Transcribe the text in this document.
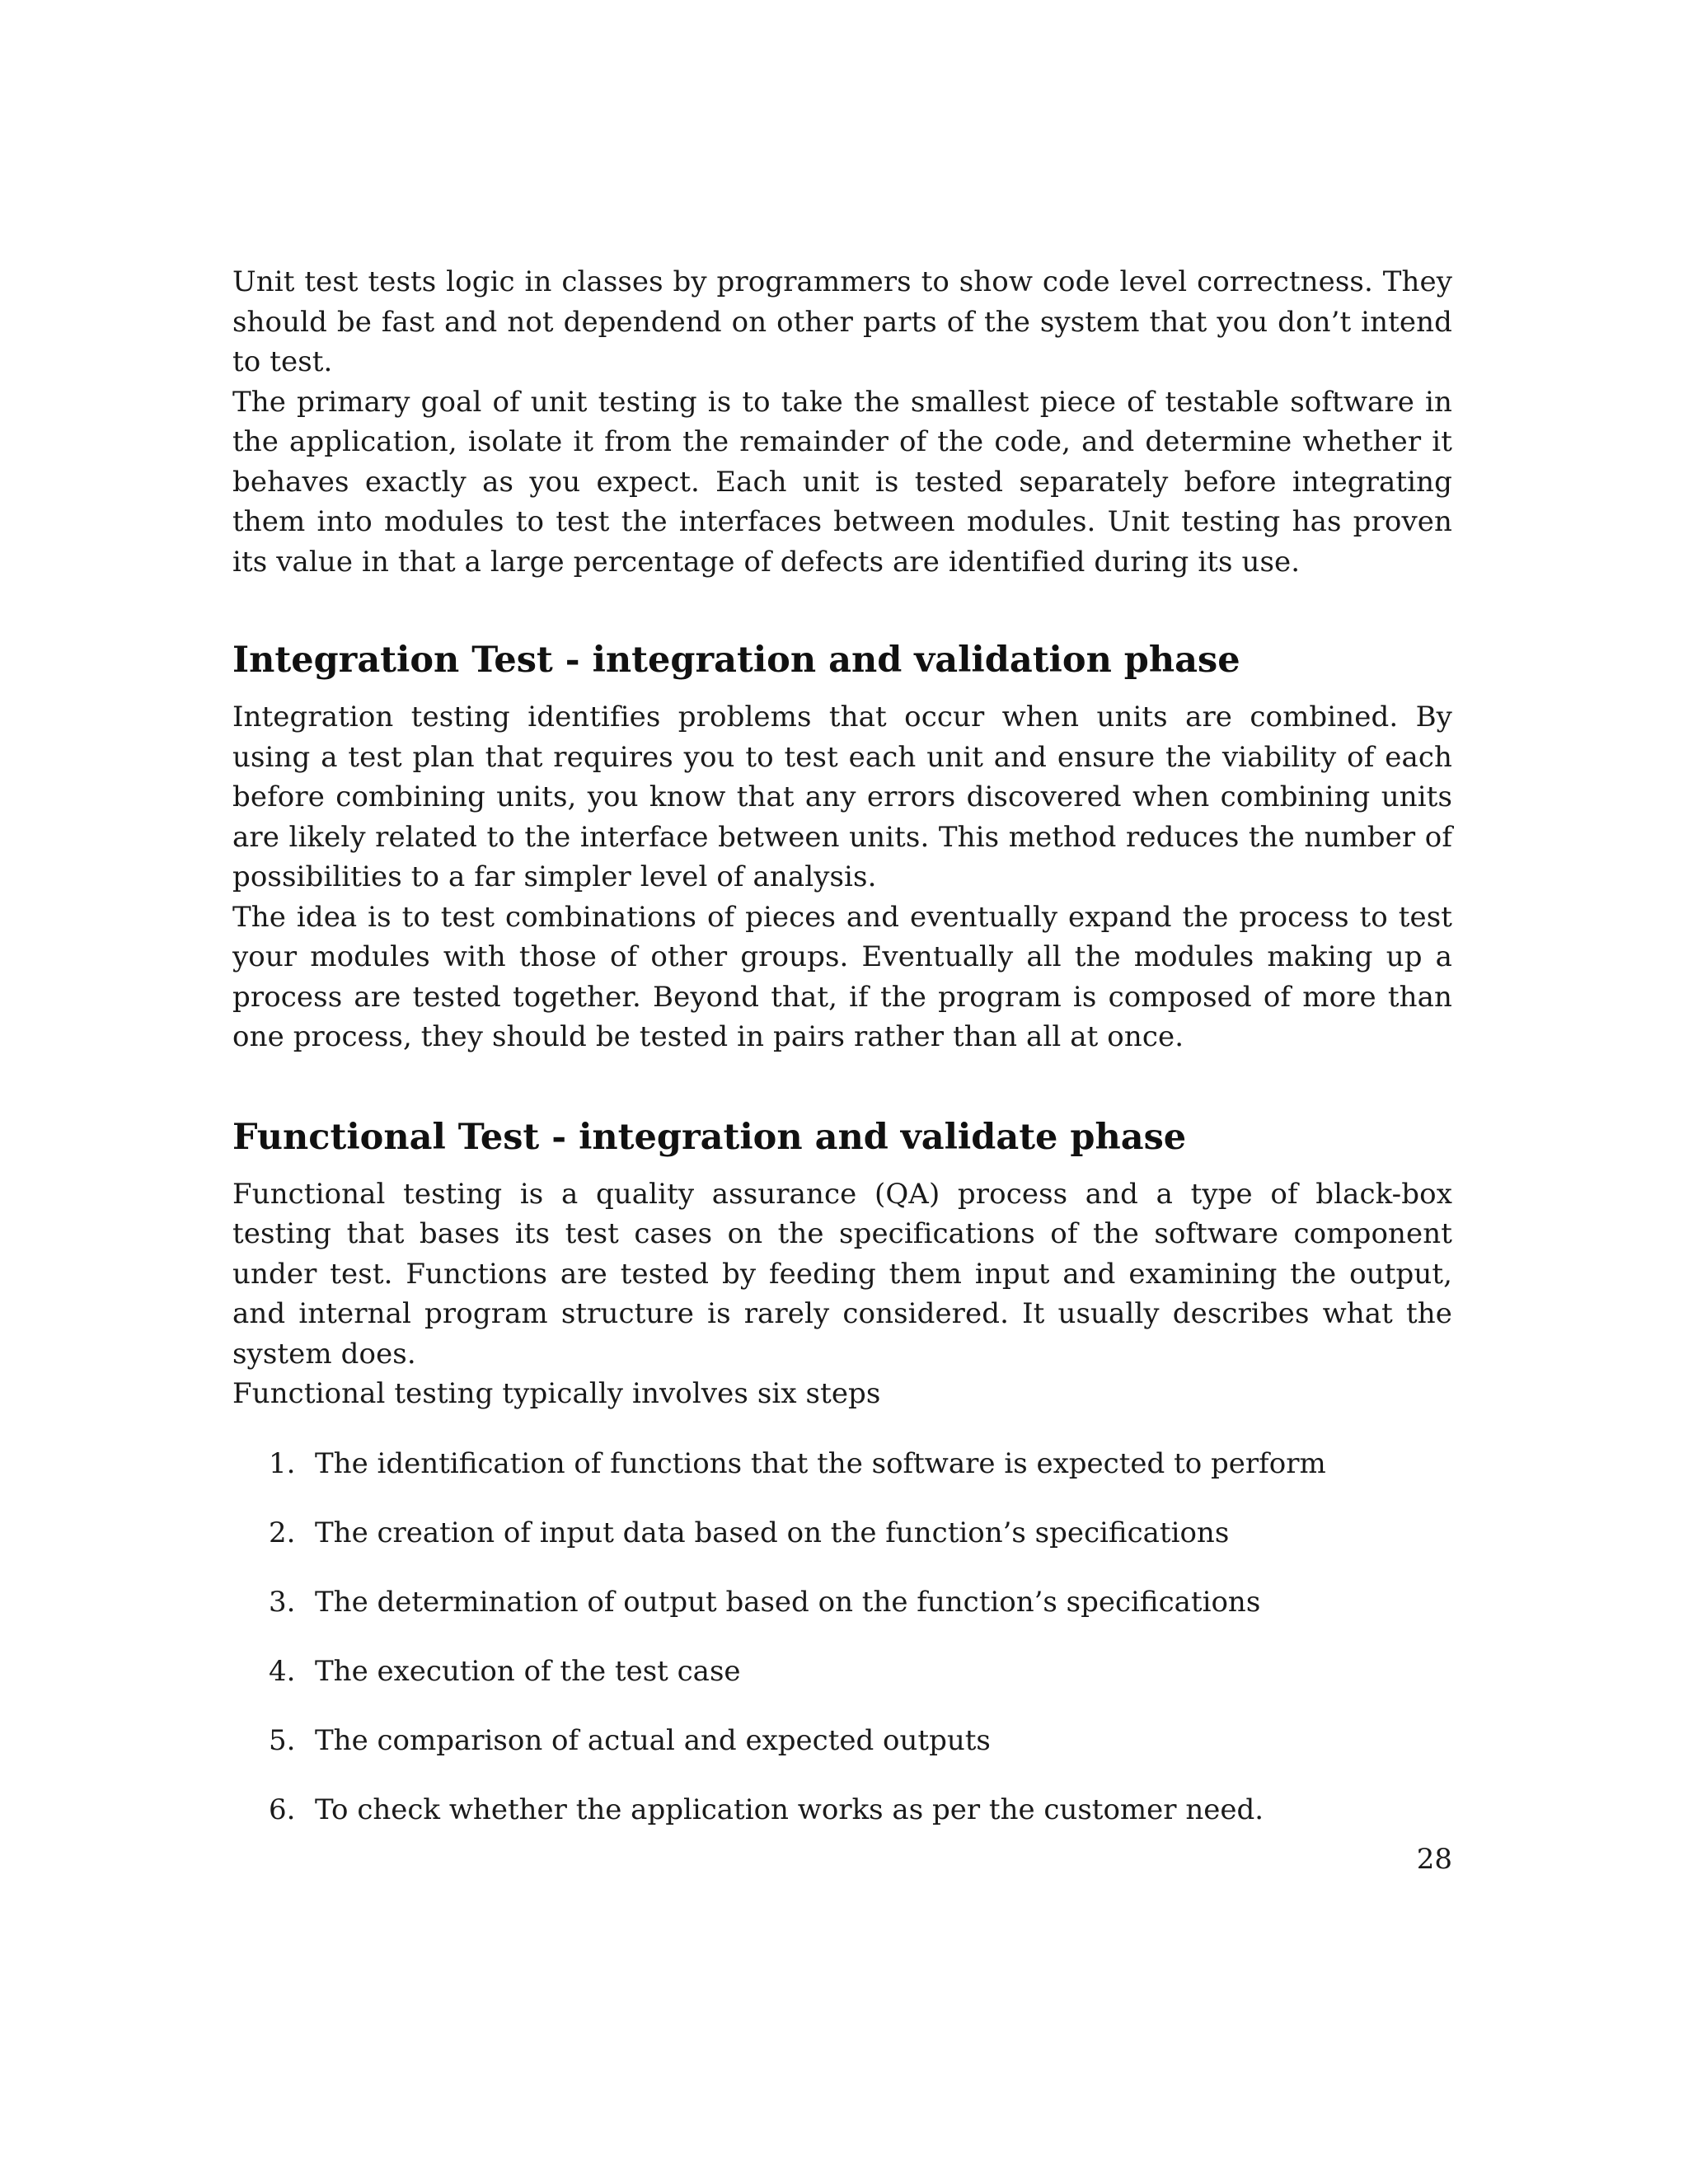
Unit test tests logic in classes by programmers to show code level correctness. They should be fast and not dependend on other parts of the system that you don’t intend to test.

The primary goal of unit testing is to take the smallest piece of testable software in the application, isolate it from the remainder of the code, and determine whether it behaves exactly as you expect. Each unit is tested separately before integrating them into modules to test the interfaces between modules. Unit testing has proven its value in that a large percentage of defects are identified during its use.

Integration Test - integration and validation phase

Integration testing identifies problems that occur when units are combined. By using a test plan that requires you to test each unit and ensure the viability of each before combining units, you know that any errors discovered when combining units are likely related to the interface between units. This method reduces the number of possibilities to a far simpler level of analysis.

The idea is to test combinations of pieces and eventually expand the process to test your modules with those of other groups. Eventually all the modules making up a process are tested together. Beyond that, if the program is composed of more than one process, they should be tested in pairs rather than all at once.

Functional Test - integration and validate phase

Functional testing is a quality assurance (QA) process and a type of black-box testing that bases its test cases on the specifications of the software component under test. Functions are tested by feeding them input and examining the output, and internal program structure is rarely considered. It usually describes what the system does.

Functional testing typically involves six steps

1. The identification of functions that the software is expected to perform
2. The creation of input data based on the function’s specifications
3. The determination of output based on the function’s specifications
4. The execution of the test case
5. The comparison of actual and expected outputs
6. To check whether the application works as per the customer need.
28
